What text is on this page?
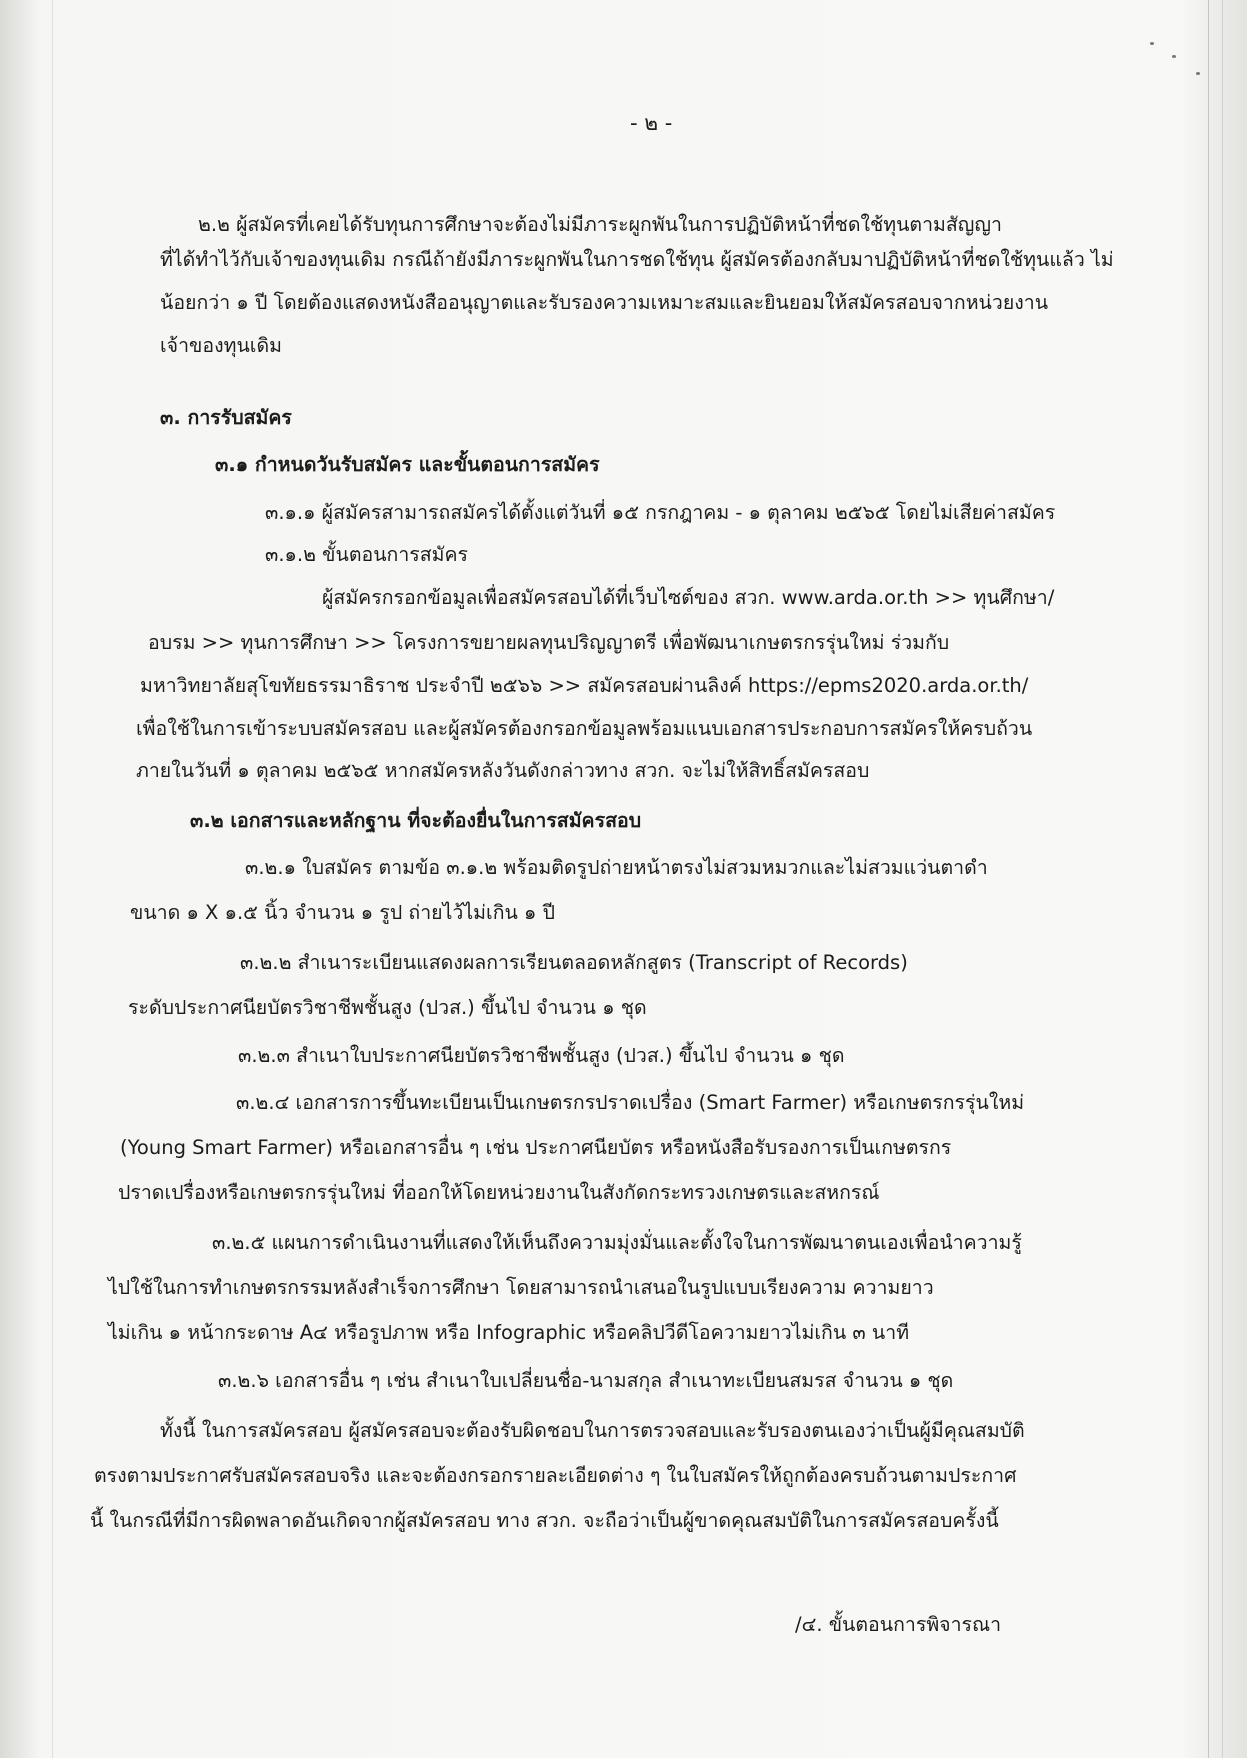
- ๒ -
๒.๒ ผู้สมัครที่เคยได้รับทุนการศึกษาจะต้องไม่มีภาระผูกพันในการปฏิบัติหน้าที่ชดใช้ทุนตามสัญญา
ที่ได้ทำไว้กับเจ้าของทุนเดิม กรณีถ้ายังมีภาระผูกพันในการชดใช้ทุน ผู้สมัครต้องกลับมาปฏิบัติหน้าที่ชดใช้ทุนแล้ว ไม่
น้อยกว่า ๑ ปี โดยต้องแสดงหนังสืออนุญาตและรับรองความเหมาะสมและยินยอมให้สมัครสอบจากหน่วยงาน
เจ้าของทุนเดิม
๓. การรับสมัคร
๓.๑ กำหนดวันรับสมัคร และขั้นตอนการสมัคร
๓.๑.๑ ผู้สมัครสามารถสมัครได้ตั้งแต่วันที่ ๑๕ กรกฎาคม - ๑ ตุลาคม ๒๕๖๕ โดยไม่เสียค่าสมัคร
๓.๑.๒ ขั้นตอนการสมัคร
ผู้สมัครกรอกข้อมูลเพื่อสมัครสอบได้ที่เว็บไซต์ของ สวก. www.arda.or.th >> ทุนศึกษา/
อบรม >> ทุนการศึกษา >> โครงการขยายผลทุนปริญญาตรี เพื่อพัฒนาเกษตรกรรุ่นใหม่ ร่วมกับ
มหาวิทยาลัยสุโขทัยธรรมาธิราช ประจำปี ๒๕๖๖ >> สมัครสอบผ่านลิงค์ https://epms2020.arda.or.th/
เพื่อใช้ในการเข้าระบบสมัครสอบ และผู้สมัครต้องกรอกข้อมูลพร้อมแนบเอกสารประกอบการสมัครให้ครบถ้วน
ภายในวันที่ ๑ ตุลาคม ๒๕๖๕ หากสมัครหลังวันดังกล่าวทาง สวก. จะไม่ให้สิทธิ์สมัครสอบ
๓.๒ เอกสารและหลักฐาน ที่จะต้องยื่นในการสมัครสอบ
๓.๒.๑ ใบสมัคร ตามข้อ ๓.๑.๒ พร้อมติดรูปถ่ายหน้าตรงไม่สวมหมวกและไม่สวมแว่นตาดำ
ขนาด ๑ X ๑.๕ นิ้ว จำนวน ๑ รูป ถ่ายไว้ไม่เกิน ๑ ปี
๓.๒.๒ สำเนาระเบียนแสดงผลการเรียนตลอดหลักสูตร (Transcript of Records)
ระดับประกาศนียบัตรวิชาชีพชั้นสูง (ปวส.) ขึ้นไป จำนวน ๑ ชุด
๓.๒.๓ สำเนาใบประกาศนียบัตรวิชาชีพชั้นสูง (ปวส.) ขึ้นไป จำนวน ๑ ชุด
๓.๒.๔ เอกสารการขึ้นทะเบียนเป็นเกษตรกรปราดเปรื่อง (Smart Farmer) หรือเกษตรกรรุ่นใหม่
(Young Smart Farmer) หรือเอกสารอื่น ๆ เช่น ประกาศนียบัตร หรือหนังสือรับรองการเป็นเกษตรกร
ปราดเปรื่องหรือเกษตรกรรุ่นใหม่ ที่ออกให้โดยหน่วยงานในสังกัดกระทรวงเกษตรและสหกรณ์
๓.๒.๕ แผนการดำเนินงานที่แสดงให้เห็นถึงความมุ่งมั่นและตั้งใจในการพัฒนาตนเองเพื่อนำความรู้
ไปใช้ในการทำเกษตรกรรมหลังสำเร็จการศึกษา โดยสามารถนำเสนอในรูปแบบเรียงความ ความยาว
ไม่เกิน ๑ หน้ากระดาษ A๔ หรือรูปภาพ หรือ Infographic หรือคลิปวีดีโอความยาวไม่เกิน ๓ นาที
๓.๒.๖ เอกสารอื่น ๆ เช่น สำเนาใบเปลี่ยนชื่อ-นามสกุล สำเนาทะเบียนสมรส จำนวน ๑ ชุด
ทั้งนี้ ในการสมัครสอบ ผู้สมัครสอบจะต้องรับผิดชอบในการตรวจสอบและรับรองตนเองว่าเป็นผู้มีคุณสมบัติ
ตรงตามประกาศรับสมัครสอบจริง และจะต้องกรอกรายละเอียดต่าง ๆ ในใบสมัครให้ถูกต้องครบถ้วนตามประกาศ
นี้ ในกรณีที่มีการผิดพลาดอันเกิดจากผู้สมัครสอบ ทาง สวก. จะถือว่าเป็นผู้ขาดคุณสมบัติในการสมัครสอบครั้งนี้
/๔. ขั้นตอนการพิจารณา
